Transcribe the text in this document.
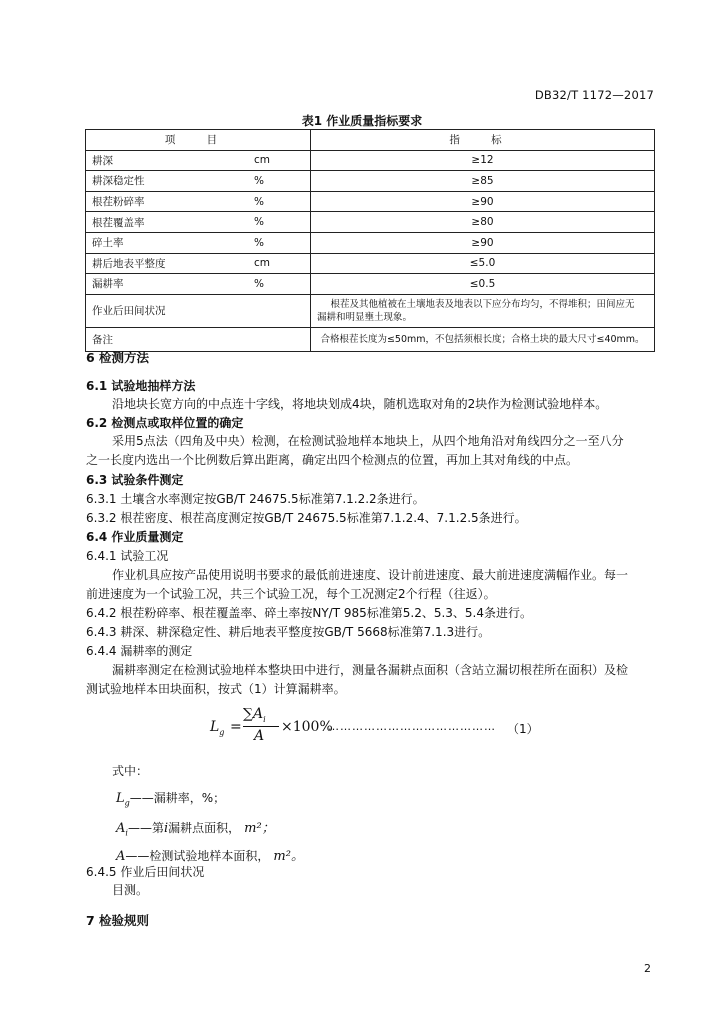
DB32/T 1172—2017
表1 作业质量指标要求
项 目		指 标
耕深	cm	≥12
耕深稳定性	%	≥85
根茬粉碎率	%	≥90
根茬覆盖率	%	≥80
碎土率	%	≥90
耕后地表平整度	cm	≤5.0
漏耕率	%	≤0.5
作业后田间状况		根茬及其他植被在土壤地表及地表以下应分布均匀，不得堆积；田间应无
漏耕和明显壅土现象。

备注		合格根茬长度为≤50mm，不包括须根长度；合格土块的最大尺寸≤40mm。
6 检测方法
6.1 试验地抽样方法
沿地块长宽方向的中点连十字线，将地块划成4块，随机选取对角的2块作为检测试验地样本。
6.2 检测点或取样位置的确定
采用5点法（四角及中央）检测，在检测试验地样本地块上，从四个地角沿对角线四分之一至八分
之一长度内选出一个比例数后算出距离，确定出四个检测点的位置，再加上其对角线的中点。
6.3 试验条件测定
6.3.1 土壤含水率测定按GB/T 24675.5标准第7.1.2.2条进行。
6.3.2 根茬密度、根茬高度测定按GB/T 24675.5标准第7.1.2.4、7.1.2.5条进行。
6.4 作业质量测定
6.4.1 试验工况
作业机具应按产品使用说明书要求的最低前进速度、设计前进速度、最大前进速度满幅作业。每一
前进速度为一个试验工况，共三个试验工况，每个工况测定2个行程（往返）。
6.4.2 根茬粉碎率、根茬覆盖率、碎土率按NY/T 985标准第5.2、5.3、5.4条进行。
6.4.3 耕深、耕深稳定性、耕后地表平整度按GB/T 5668标准第7.1.3进行。
6.4.4 漏耕率的测定
漏耕率测定在检测试验地样本整块田中进行，测量各漏耕点面积（含站立漏切根茬所在面积）及检
测试验地样本田块面积，按式（1）计算漏耕率。
$L_g$ =
$\sum A_i$
A
×100%
…………………………………… （1）
式中：
$L_g——$漏耕率，%；
$A_i——$第i漏耕点面积， m²；
A——检测试验地样本面积， m²。
6.4.5 作业后田间状况
目测。
7 检验规则
2
